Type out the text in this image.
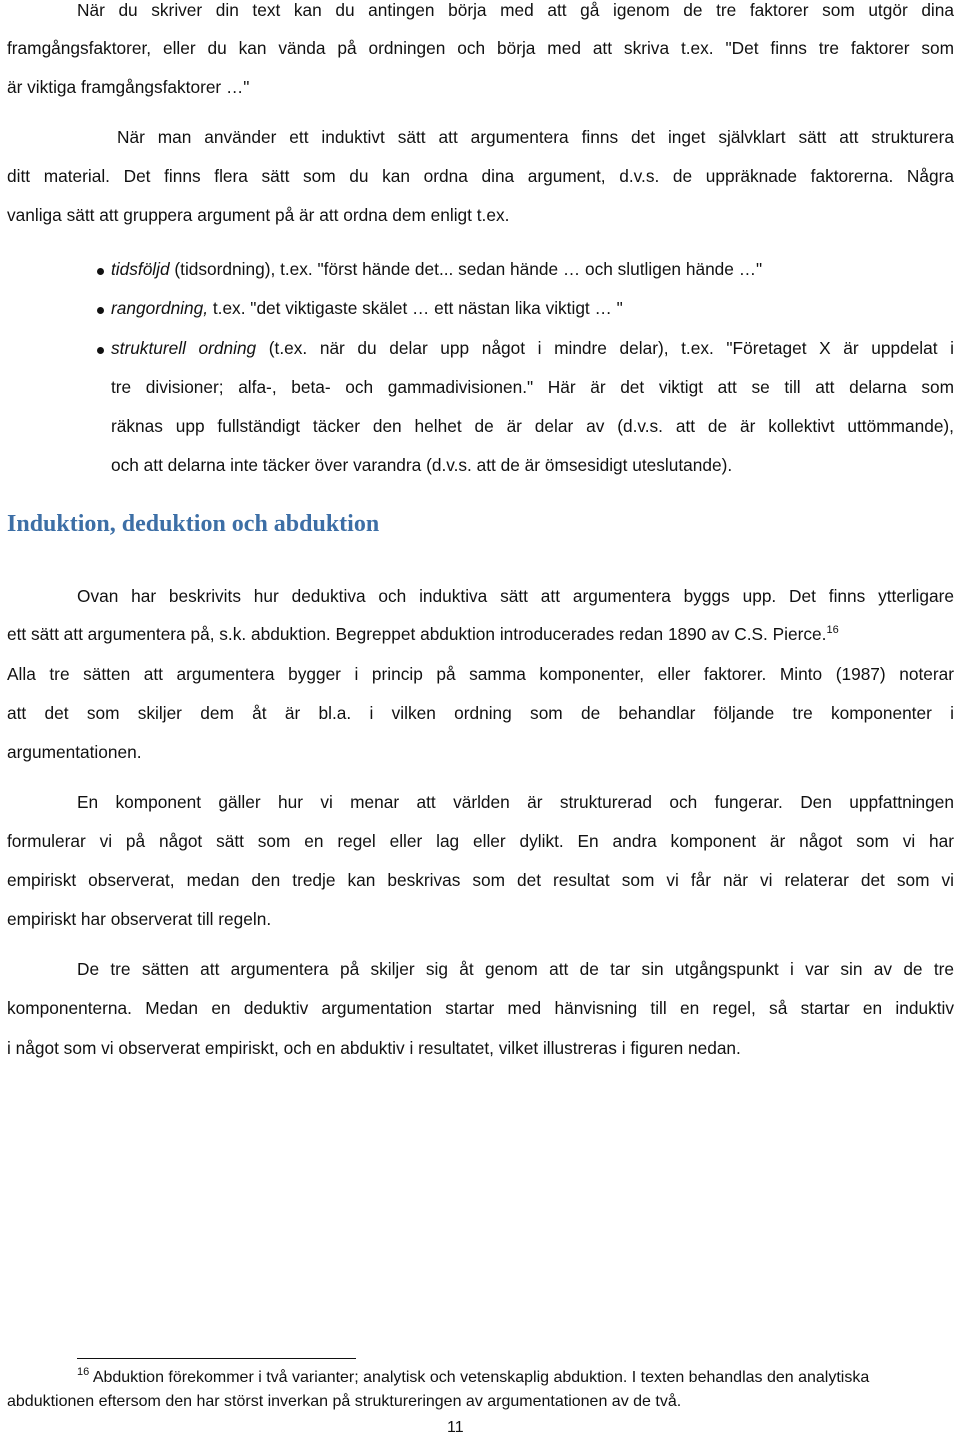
När du skriver din text kan du antingen börja med att gå igenom de tre faktorer som utgör dina
framgångsfaktorer, eller du kan vända på ordningen och börja med att skriva t.ex. "Det finns tre faktorer som
är viktiga framgångsfaktorer …"
När man använder ett induktivt sätt att argumentera finns det inget självklart sätt att strukturera
ditt material. Det finns flera sätt som du kan ordna dina argument, d.v.s. de uppräknade faktorerna. Några
vanliga sätt att gruppera argument på är att ordna dem enligt t.ex.
tidsföljd (tidsordning), t.ex. "först hände det... sedan hände … och slutligen hände …"
rangordning, t.ex. "det viktigaste skälet … ett nästan lika viktigt … "
strukturell ordning (t.ex. när du delar upp något i mindre delar), t.ex. "Företaget X är uppdelat i
tre divisioner; alfa-, beta- och gammadivisionen." Här är det viktigt att se till att delarna som
räknas upp fullständigt täcker den helhet de är delar av (d.v.s. att de är kollektivt uttömmande),
och att delarna inte täcker över varandra (d.v.s. att de är ömsesidigt uteslutande).
Induktion, deduktion och abduktion
Ovan har beskrivits hur deduktiva och induktiva sätt att argumentera byggs upp. Det finns ytterligare
ett sätt att argumentera på, s.k. abduktion. Begreppet abduktion introducerades redan 1890 av C.S. Pierce.$^{16}$
Alla tre sätten att argumentera bygger i princip på samma komponenter, eller faktorer. Minto (1987) noterar
att det som skiljer dem åt är bl.a. i vilken ordning som de behandlar följande tre komponenter i
argumentationen.
En komponent gäller hur vi menar att världen är strukturerad och fungerar. Den uppfattningen
formulerar vi på något sätt som en regel eller lag eller dylikt. En andra komponent är något som vi har
empiriskt observerat, medan den tredje kan beskrivas som det resultat som vi får när vi relaterar det som vi
empiriskt har observerat till regeln.
De tre sätten att argumentera på skiljer sig åt genom att de tar sin utgångspunkt i var sin av de tre
komponenterna. Medan en deduktiv argumentation startar med hänvisning till en regel, så startar en induktiv
i något som vi observerat empiriskt, och en abduktiv i resultatet, vilket illustreras i figuren nedan.
$^{16}$ Abduktion förekommer i två varianter; analytisk och vetenskaplig abduktion. I texten behandlas den analytiska
abduktionen eftersom den har störst inverkan på struktureringen av argumentationen av de två.
11
